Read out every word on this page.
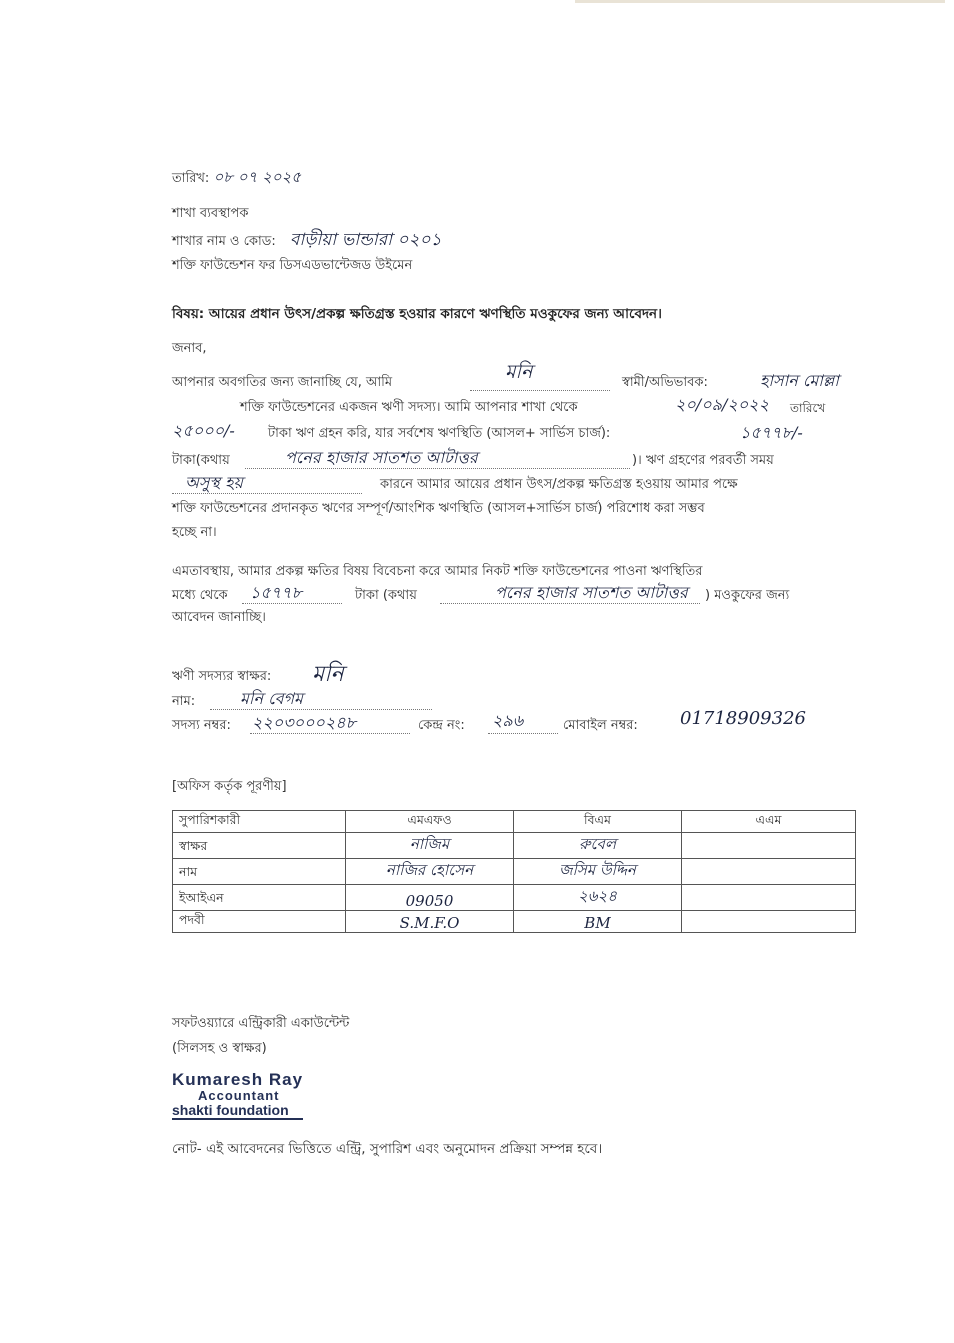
তারিখ: ০৮ ০৭ ২০২৫
শাখা ব্যবস্থাপক
শাখার নাম ও কোড: বাড়ীয়া ভান্ডারা ০২০১
শক্তি ফাউন্ডেশন ফর ডিসএডভান্টেজড উইমেন
বিষয়: আয়ের প্রধান উৎস/প্রকল্প ক্ষতিগ্রস্ত হওয়ার কারণে ঋণস্থিতি মওকুফের জন্য আবেদন।
জনাব,
আপনার অবগতির জন্য জানাচ্ছি যে, আমি	মনি	স্বামী/অভিভাবক:	হাসান মোল্লা
শক্তি ফাউন্ডেশনের একজন ঋণী সদস্য। আমি আপনার শাখা থেকে	২০/০৯/২০২২ তারিখে
২৫০০০/-	টাকা ঋণ গ্রহন করি, যার সর্বশেষ ঋণস্থিতি (আসল+ সার্ভিস চার্জ):	১৫৭৭৮/-
টাকা(কথায়	পনের হাজার সাতশত আটাত্তর	)। ঋণ গ্রহণের পরবর্তী সময়
অসুস্থ হয়	কারনে আমার আয়ের প্রধান উৎস/প্রকল্প ক্ষতিগ্রস্ত হওয়ায় আমার পক্ষে
শক্তি ফাউন্ডেশনের প্রদানকৃত ঋণের সম্পূর্ণ/আংশিক ঋণস্থিতি (আসল+সার্ভিস চার্জ) পরিশোধ করা সম্ভব
হচ্ছে না।
এমতাবস্থায়, আমার প্রকল্প ক্ষতির বিষয় বিবেচনা করে আমার নিকট শক্তি ফাউন্ডেশনের পাওনা ঋণস্থিতির
মধ্যে থেকে ১৫৭৭৮	টাকা (কথায়	পনের হাজার সাতশত আটাত্তর ) মওকুফের জন্য
আবেদন জানাচ্ছি।
ঋণী সদস্যর স্বাক্ষর: মনি
নাম:	মনি বেগম
সদস্য নম্বর: ২২০৩০০০২৪৮	কেন্দ্র নং: ২৯৬	মোবাইল নম্বর: 01718909326
[অফিস কর্তৃক পূরণীয়]
সুপারিশকারী	এমএফও	বিএম	এএম
স্বাক্ষর	নাজিম	রুবেল	
নাম	নাজির হোসেন	জসিম উদ্দিন	
ইআইএন	09050	২৬২৪	
পদবী	S.M.F.O	BM	
সফটওয়্যারে এন্ট্রিকারী একাউন্টেন্ট
(সিলসহ ও স্বাক্ষর)
Kumaresh Ray
Accountant
shakti foundation
নোট- এই আবেদনের ভিত্তিতে এন্ট্রি, সুপারিশ এবং অনুমোদন প্রক্রিয়া সম্পন্ন হবে।
